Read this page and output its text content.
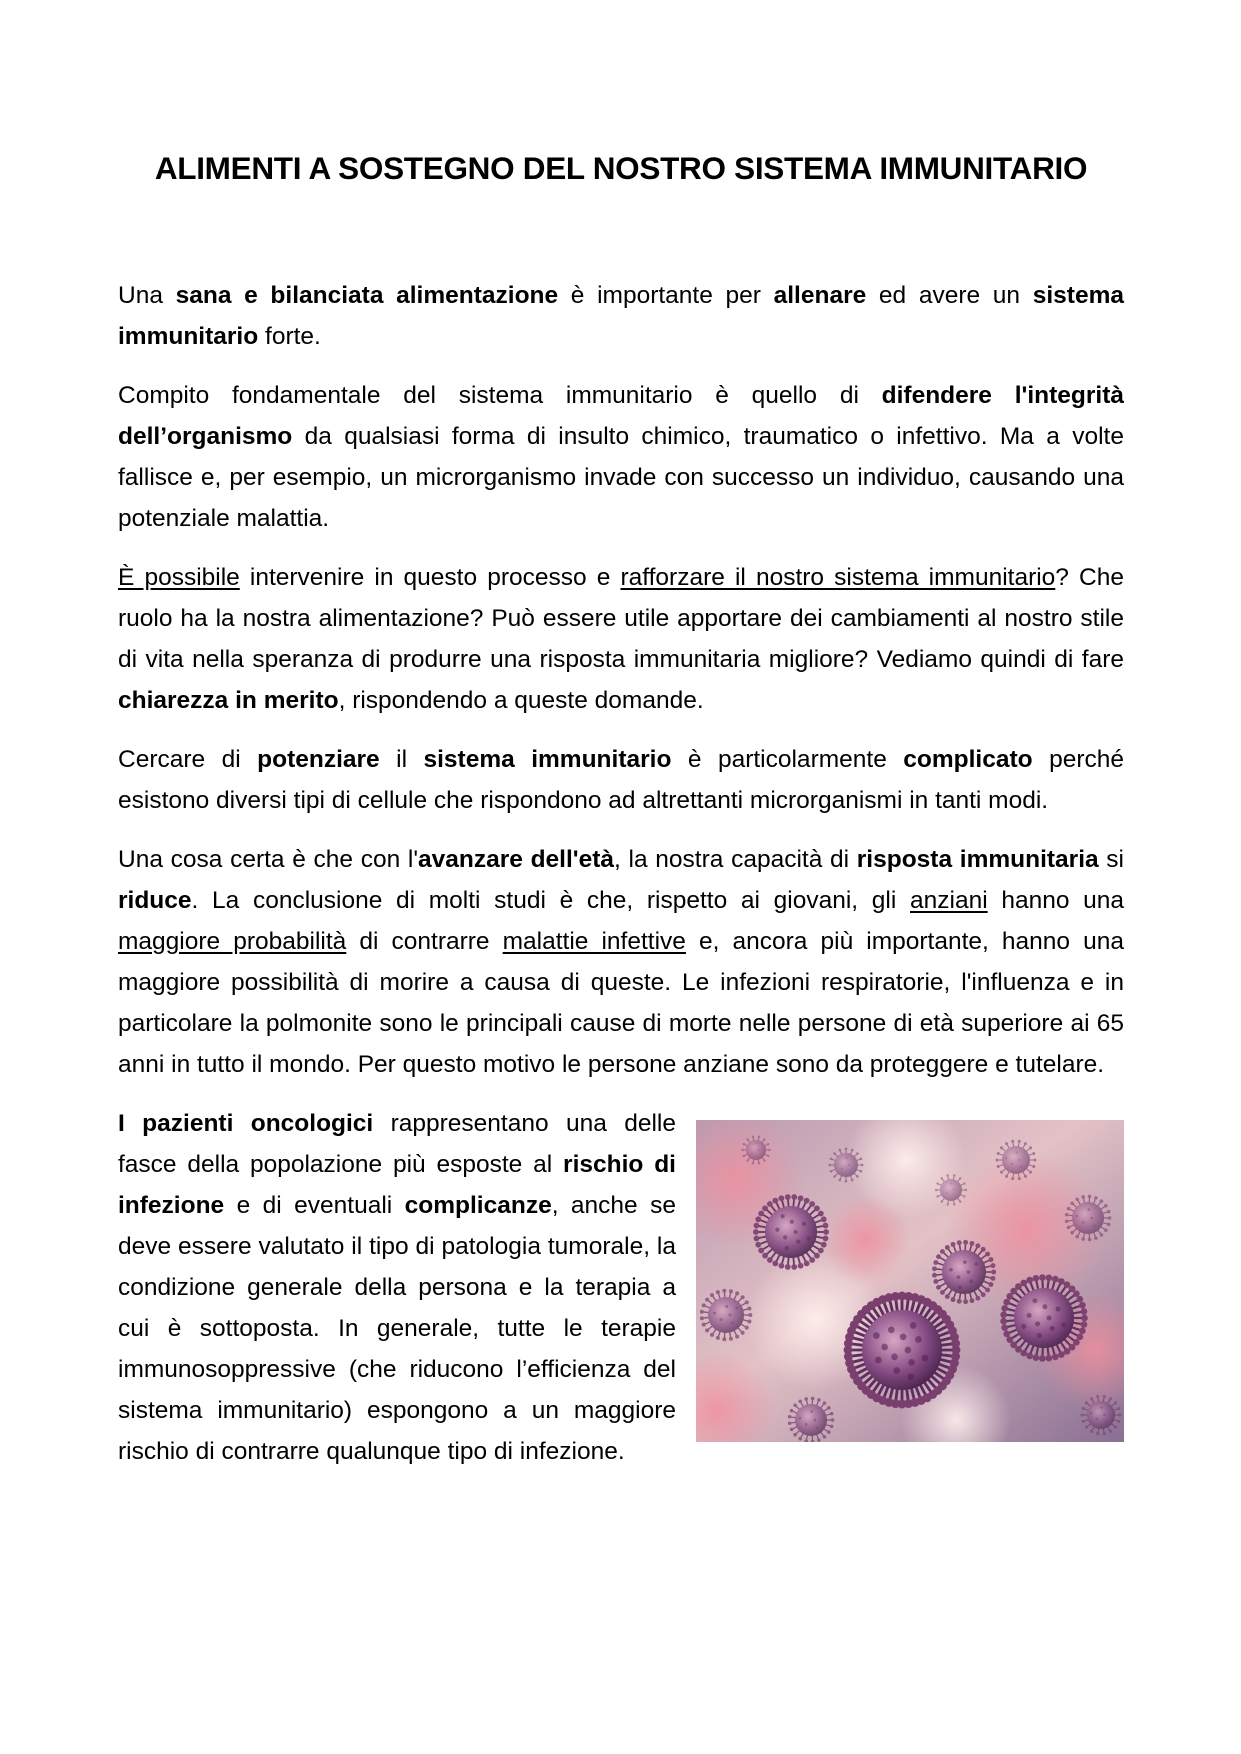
ALIMENTI A SOSTEGNO DEL NOSTRO SISTEMA IMMUNITARIO

Una sana e bilanciata alimentazione è importante per allenare ed avere un sistema immunitario forte.

Compito fondamentale del sistema immunitario è quello di difendere l'integrità dell’organismo da qualsiasi forma di insulto chimico, traumatico o infettivo. Ma a volte fallisce e, per esempio, un microrganismo invade con successo un individuo, causando una potenziale malattia.

È possibile intervenire in questo processo e rafforzare il nostro sistema immunitario? Che ruolo ha la nostra alimentazione? Può essere utile apportare dei cambiamenti al nostro stile di vita nella speranza di produrre una risposta immunitaria migliore? Vediamo quindi di fare chiarezza in merito, rispondendo a queste domande.

Cercare di potenziare il sistema immunitario è particolarmente complicato perché esistono diversi tipi di cellule che rispondono ad altrettanti microrganismi in tanti modi.

Una cosa certa è che con l'avanzare dell'età, la nostra capacità di risposta immunitaria si riduce. La conclusione di molti studi è che, rispetto ai giovani, gli anziani hanno una maggiore probabilità di contrarre malattie infettive e, ancora più importante, hanno una maggiore possibilità di morire a causa di queste. Le infezioni respiratorie, l'influenza e in particolare la polmonite sono le principali cause di morte nelle persone di età superiore ai 65 anni in tutto il mondo. Per questo motivo le persone anziane sono da proteggere e tutelare.

I pazienti oncologici rappresentano una delle fasce della popolazione più esposte al rischio di infezione e di eventuali complicanze, anche se deve essere valutato il tipo di patologia tumorale, la condizione generale della persona e la terapia a cui è sottoposta. In generale, tutte le terapie immunosoppressive (che riducono l’efficienza del sistema immunitario) espongono a un maggiore rischio di contrarre qualunque tipo di infezione.
